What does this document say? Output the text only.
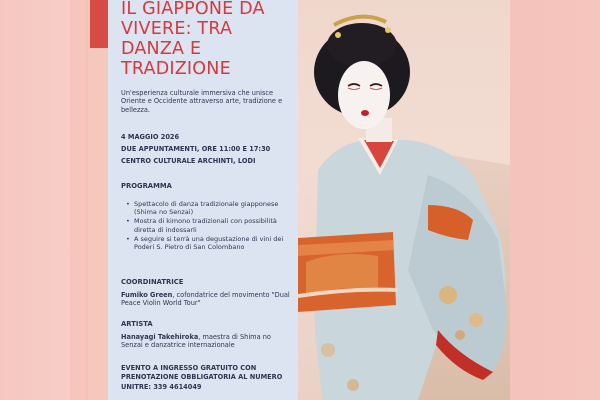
IL GIAPPONE DA VIVERE: TRA DANZA E TRADIZIONE
Un'esperienza culturale immersiva che unisce Oriente e Occidente attraverso arte, tradizione e bellezza.
4 MAGGIO 2026
DUE APPUNTAMENTI, ORE 11:00 E 17:30
CENTRO CULTURALE ARCHINTI, LODI
PROGRAMMA
• Spettacolo di danza tradizionale giapponese (Shima no Senzai)
• Mostra di kimono tradizionali con possibilità diretta di indossarli
• A seguire si terrà una degustazione di vini dei Poderi S. Pietro di San Colombano
COORDINATRICE
Fumiko Green, cofondatrice del movimento "Dual Peace Violin World Tour"
ARTISTA
Hanayagi Takehiroka, maestra di Shima no Senzai e danzatrice internazionale
EVENTO A INGRESSO GRATUITO CON PRENOTAZIONE OBBLIGATORIA AL NUMERO UNITRE: 339 4614049
